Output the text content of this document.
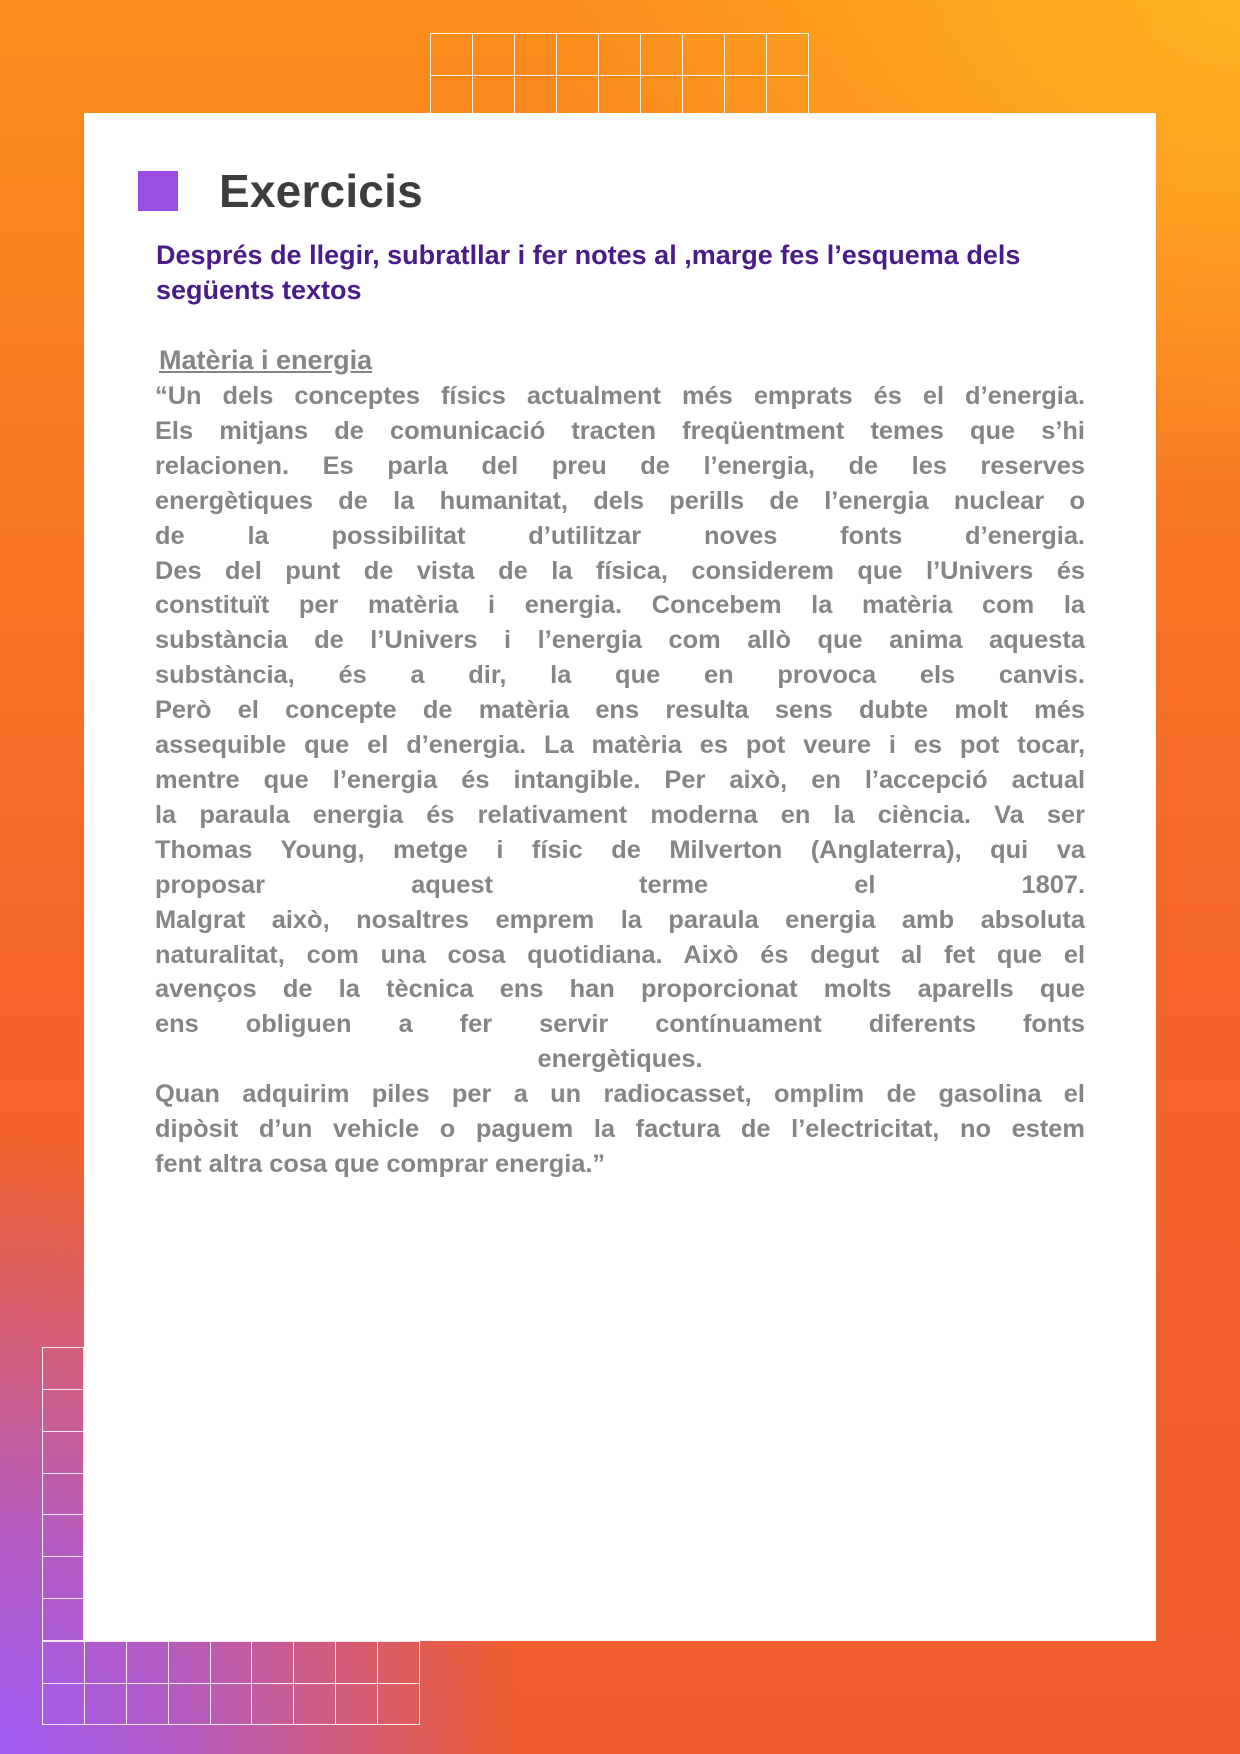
Exercicis

Després de llegir, subratllar i fer notes al ,marge fes l’esquema dels següents textos

Matèria i energia

“Un dels conceptes físics actualment més emprats és el d’energia.

Els mitjans de comunicació tracten freqüentment temes que s’hi

relacionen. Es parla del preu de l’energia, de les reserves

energètiques de la humanitat, dels perills de l’energia nuclear o

de la possibilitat d’utilitzar noves fonts d’energia.

Des del punt de vista de la física, considerem que l’Univers és

constituït per matèria i energia. Concebem la matèria com la

substància de l’Univers i l’energia com allò que anima aquesta

substància, és a dir, la que en provoca els canvis.

Però el concepte de matèria ens resulta sens dubte molt més

assequible que el d’energia. La matèria es pot veure i es pot tocar,

mentre que l’energia és intangible. Per això, en l’accepció actual

la paraula energia és relativament moderna en la ciència. Va ser

Thomas Young, metge i físic de Milverton (Anglaterra), qui va

proposar aquest terme el 1807.

Malgrat això, nosaltres emprem la paraula energia amb absoluta

naturalitat, com una cosa quotidiana. Això és degut al fet que el

avenços de la tècnica ens han proporcionat molts aparells que

ens obliguen a fer servir contínuament diferents fonts

energètiques.

Quan adquirim piles per a un radiocasset, omplim de gasolina el

dipòsit d’un vehicle o paguem la factura de l’electricitat, no estem

fent altra cosa que comprar energia.”
